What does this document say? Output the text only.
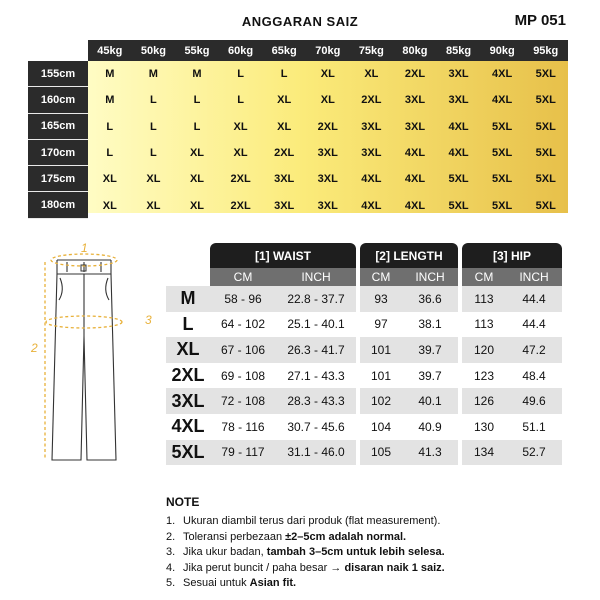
ANGGARAN SAIZ	MP 051
	45kg	50kg	55kg	60kg	65kg	70kg	75kg	80kg	85kg	90kg	95kg
155cm	M	M	M	L	L	XL	XL	2XL	3XL	4XL	5XL
160cm	M	L	L	L	XL	XL	2XL	3XL	3XL	4XL	5XL
165cm	L	L	L	XL	XL	2XL	3XL	3XL	4XL	5XL	5XL
170cm	L	L	XL	XL	2XL	3XL	3XL	4XL	4XL	5XL	5XL
175cm	XL	XL	XL	2XL	3XL	3XL	4XL	4XL	5XL	5XL	5XL
180cm	XL	XL	XL	2XL	3XL	3XL	4XL	4XL	5XL	5XL	5XL
1
2
3
	[1] WAIST			[2] LENGTH			[3] HIP	
	CM	INCH		CM	INCH		CM	INCH
M	58 - 96	22.8 - 37.7		93	36.6		113	44.4
L	64 - 102	25.1 - 40.1		97	38.1		113	44.4
XL	67 - 106	26.3 - 41.7		101	39.7		120	47.2
2XL	69 - 108	27.1 - 43.3		101	39.7		123	48.4
3XL	72 - 108	28.3 - 43.3		102	40.1		126	49.6
4XL	78 - 116	30.7 - 45.6		104	40.9		130	51.1
5XL	79 - 117	31.1 - 46.0		105	41.3		134	52.7
NOTE
1. Ukuran diambil terus dari produk (flat measurement).
2. Toleransi perbezaan ±2–5cm adalah normal.
3. Jika ukur badan, tambah 3–5cm untuk lebih selesa.
4. Jika perut buncit / paha besar → disaran naik 1 saiz.
5. Sesuai untuk Asian fit.
